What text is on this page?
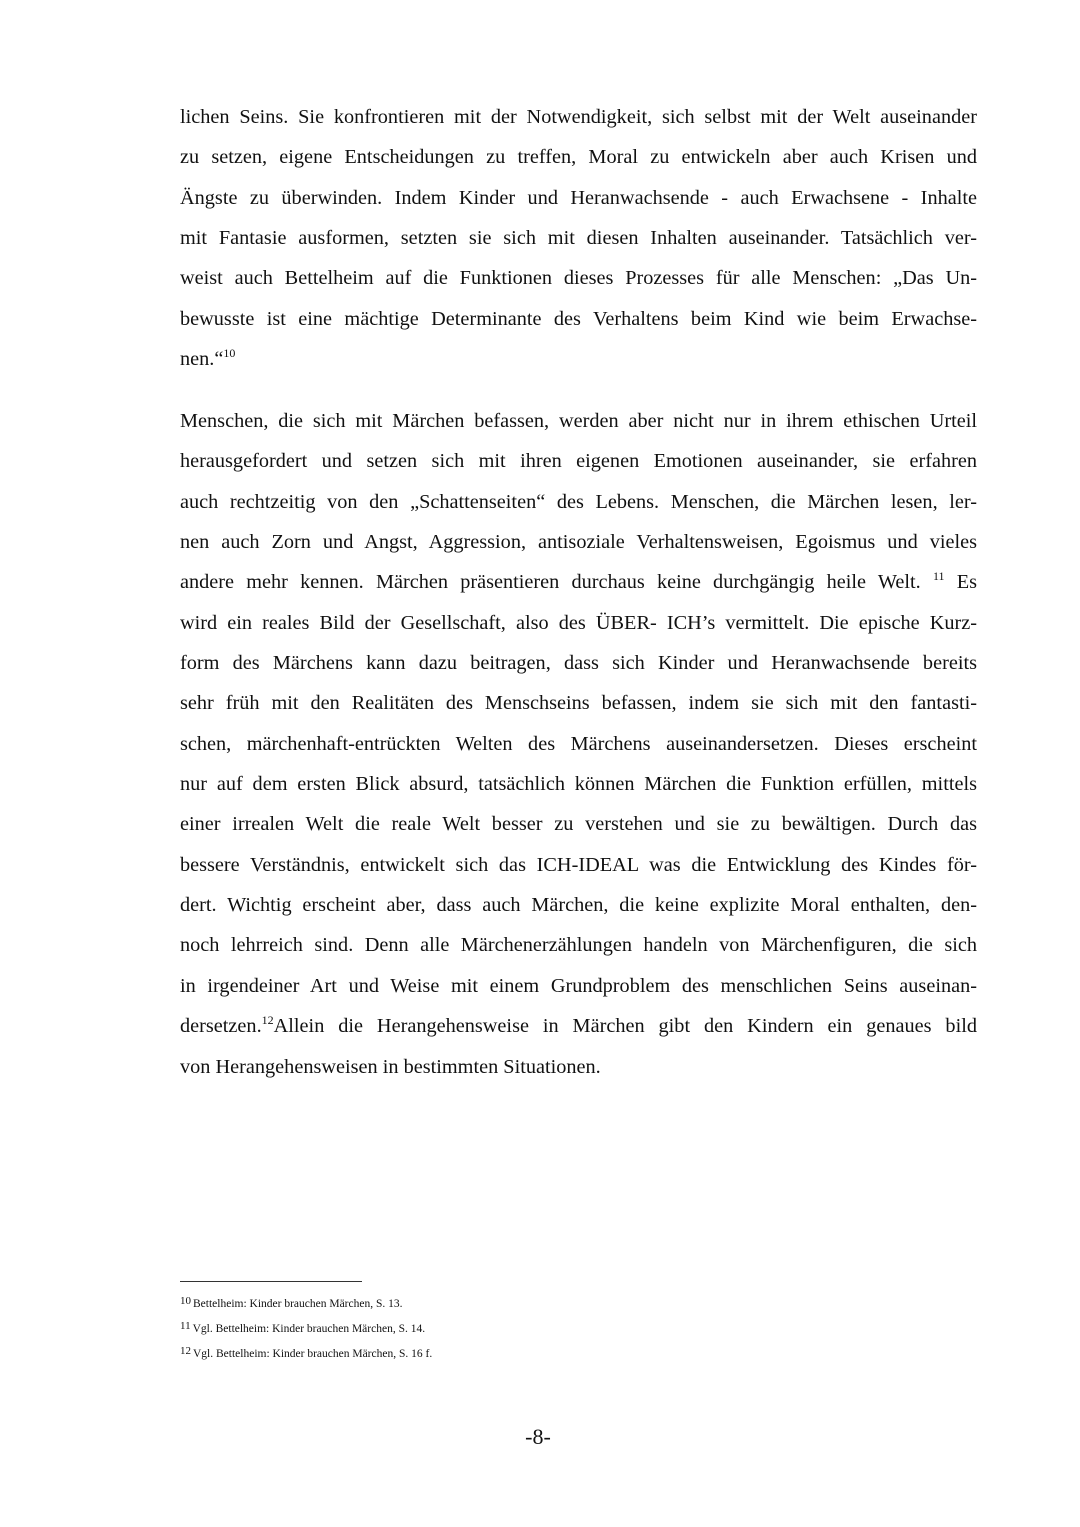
lichen Seins. Sie konfrontieren mit der Notwendigkeit, sich selbst mit der Welt auseinander
zu setzen, eigene Entscheidungen zu treffen, Moral zu entwickeln aber auch Krisen und
Ängste zu überwinden. Indem Kinder und Heranwachsende - auch Erwachsene - Inhalte
mit Fantasie ausformen, setzten sie sich mit diesen Inhalten auseinander. Tatsächlich ver-
weist auch Bettelheim auf die Funktionen dieses Prozesses für alle Menschen: „Das Un-
bewusste ist eine mächtige Determinante des Verhaltens beim Kind wie beim Erwachse-
nen.“$^{10}$
Menschen, die sich mit Märchen befassen, werden aber nicht nur in ihrem ethischen Urteil
herausgefordert und setzen sich mit ihren eigenen Emotionen auseinander, sie erfahren
auch rechtzeitig von den „Schattenseiten“ des Lebens. Menschen, die Märchen lesen, ler-
nen auch Zorn und Angst, Aggression, antisoziale Verhaltensweisen, Egoismus und vieles
andere mehr kennen. Märchen präsentieren durchaus keine durchgängig heile Welt. $^{11}$ Es
wird ein reales Bild der Gesellschaft, also des ÜBER- ICH’s vermittelt. Die epische Kurz-
form des Märchens kann dazu beitragen, dass sich Kinder und Heranwachsende bereits
sehr früh mit den Realitäten des Menschseins befassen, indem sie sich mit den fantasti-
schen, märchenhaft-entrückten Welten des Märchens auseinandersetzen. Dieses erscheint
nur auf dem ersten Blick absurd, tatsächlich können Märchen die Funktion erfüllen, mittels
einer irrealen Welt die reale Welt besser zu verstehen und sie zu bewältigen. Durch das
bessere Verständnis, entwickelt sich das ICH-IDEAL was die Entwicklung des Kindes för-
dert. Wichtig erscheint aber, dass auch Märchen, die keine explizite Moral enthalten, den-
noch lehrreich sind. Denn alle Märchenerzählungen handeln von Märchenfiguren, die sich
in irgendeiner Art und Weise mit einem Grundproblem des menschlichen Seins auseinan-
dersetzen.$^{12}$Allein die Herangehensweise in Märchen gibt den Kindern ein genaues bild
von Herangehensweisen in bestimmten Situationen.
$^{10}$ Bettelheim: Kinder brauchen Märchen, S. 13.
$^{11}$ Vgl. Bettelheim: Kinder brauchen Märchen, S. 14.
$^{12}$ Vgl. Bettelheim: Kinder brauchen Märchen, S. 16 f.
-8-
